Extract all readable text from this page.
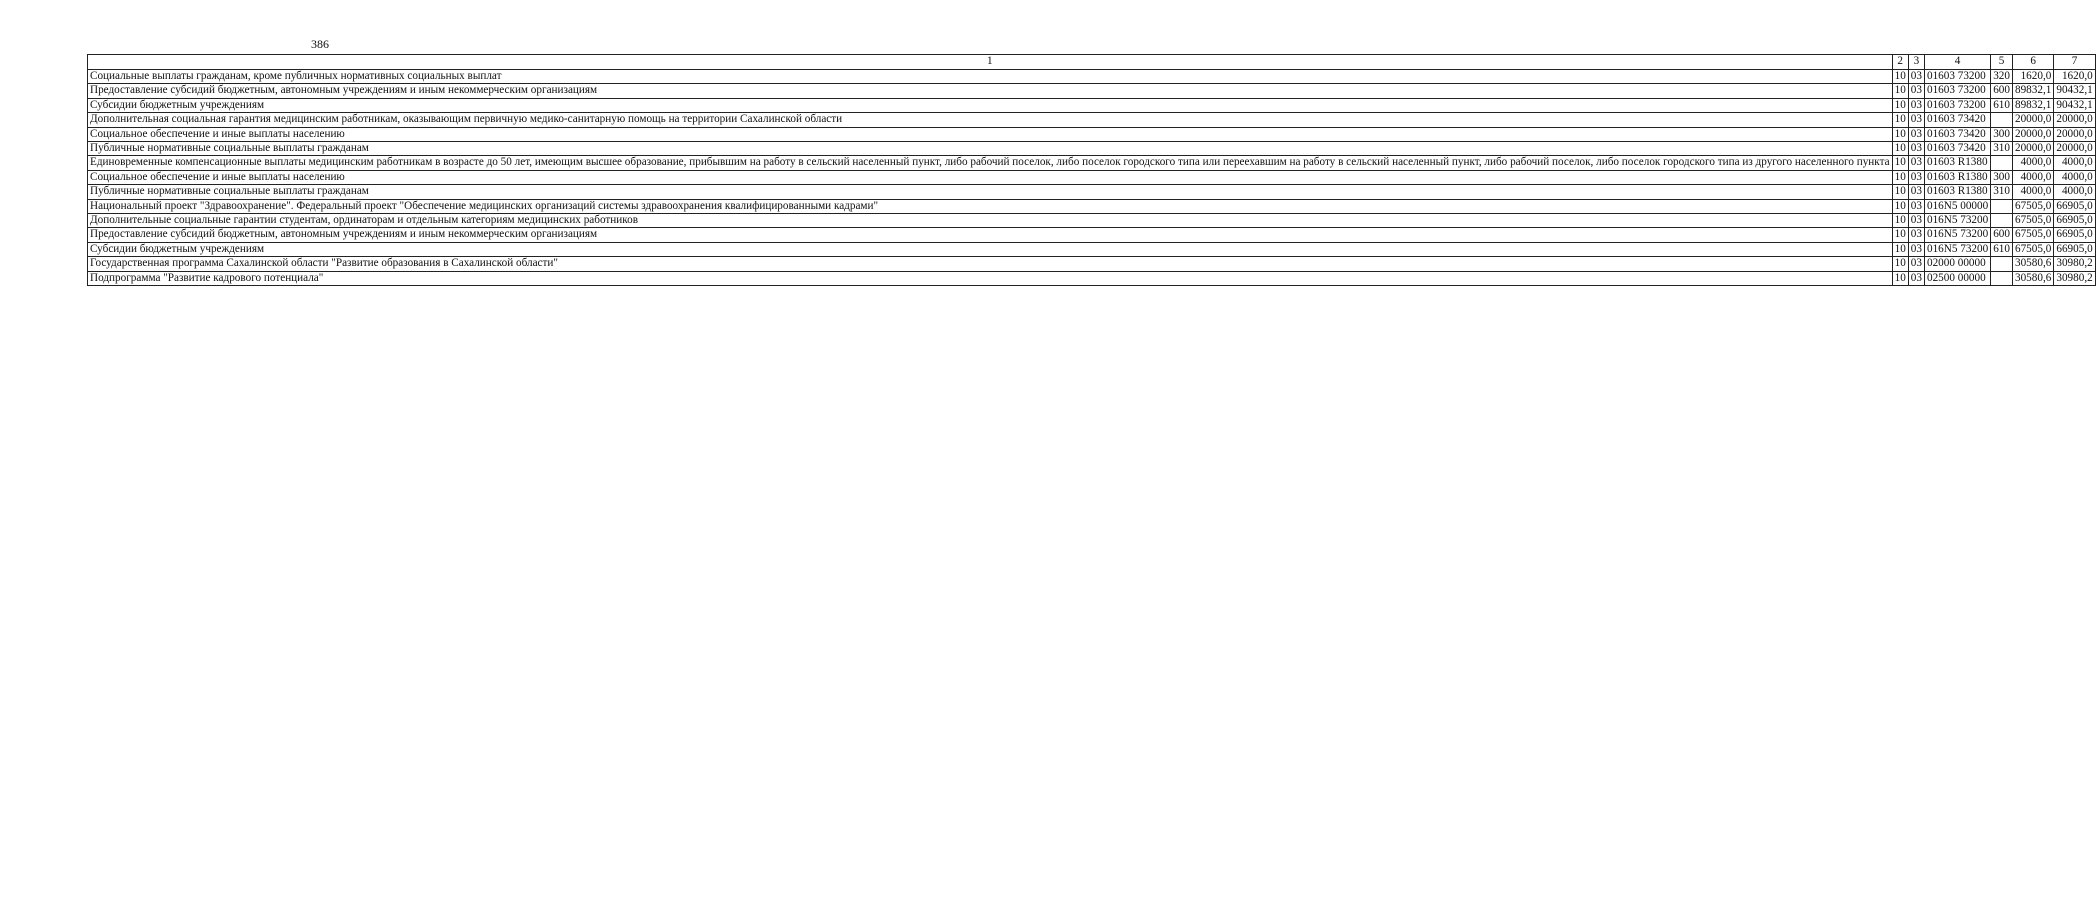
386
1	2	3	4	5	6	7
Социальные выплаты гражданам, кроме публичных нормативных социальных выплат	10	03	01603 73200	320	1620,0	1620,0
Предоставление субсидий бюджетным, автономным учреждениям и иным некоммерческим организациям	10	03	01603 73200	600	89832,1	90432,1
Субсидии бюджетным учреждениям	10	03	01603 73200	610	89832,1	90432,1
Дополнительная социальная гарантия медицинским работникам, оказывающим первичную медико-санитарную помощь на территории Сахалинской области	10	03	01603 73420		20000,0	20000,0
Социальное обеспечение и иные выплаты населению	10	03	01603 73420	300	20000,0	20000,0
Публичные нормативные социальные выплаты гражданам	10	03	01603 73420	310	20000,0	20000,0
Единовременные компенсационные выплаты медицинским работникам в возрасте до 50 лет, имеющим высшее образование, прибывшим на работу в сельский населенный пункт, либо рабочий поселок, либо поселок городского типа или переехавшим на работу в сельский населенный пункт, либо рабочий поселок, либо поселок городского типа из другого населенного пункта	10	03	01603 R1380		4000,0	4000,0
Социальное обеспечение и иные выплаты населению	10	03	01603 R1380	300	4000,0	4000,0
Публичные нормативные социальные выплаты гражданам	10	03	01603 R1380	310	4000,0	4000,0
Национальный проект "Здравоохранение". Федеральный проект "Обеспечение медицинских организаций системы здравоохранения квалифицированными кадрами"	10	03	016N5 00000		67505,0	66905,0
Дополнительные социальные гарантии студентам, ординаторам и отдельным категориям медицинских работников	10	03	016N5 73200		67505,0	66905,0
Предоставление субсидий бюджетным, автономным учреждениям и иным некоммерческим организациям	10	03	016N5 73200	600	67505,0	66905,0
Субсидии бюджетным учреждениям	10	03	016N5 73200	610	67505,0	66905,0
Государственная программа Сахалинской области "Развитие образования в Сахалинской области"	10	03	02000 00000		30580,6	30980,2
Подпрограмма "Развитие кадрового потенциала"	10	03	02500 00000		30580,6	30980,2
